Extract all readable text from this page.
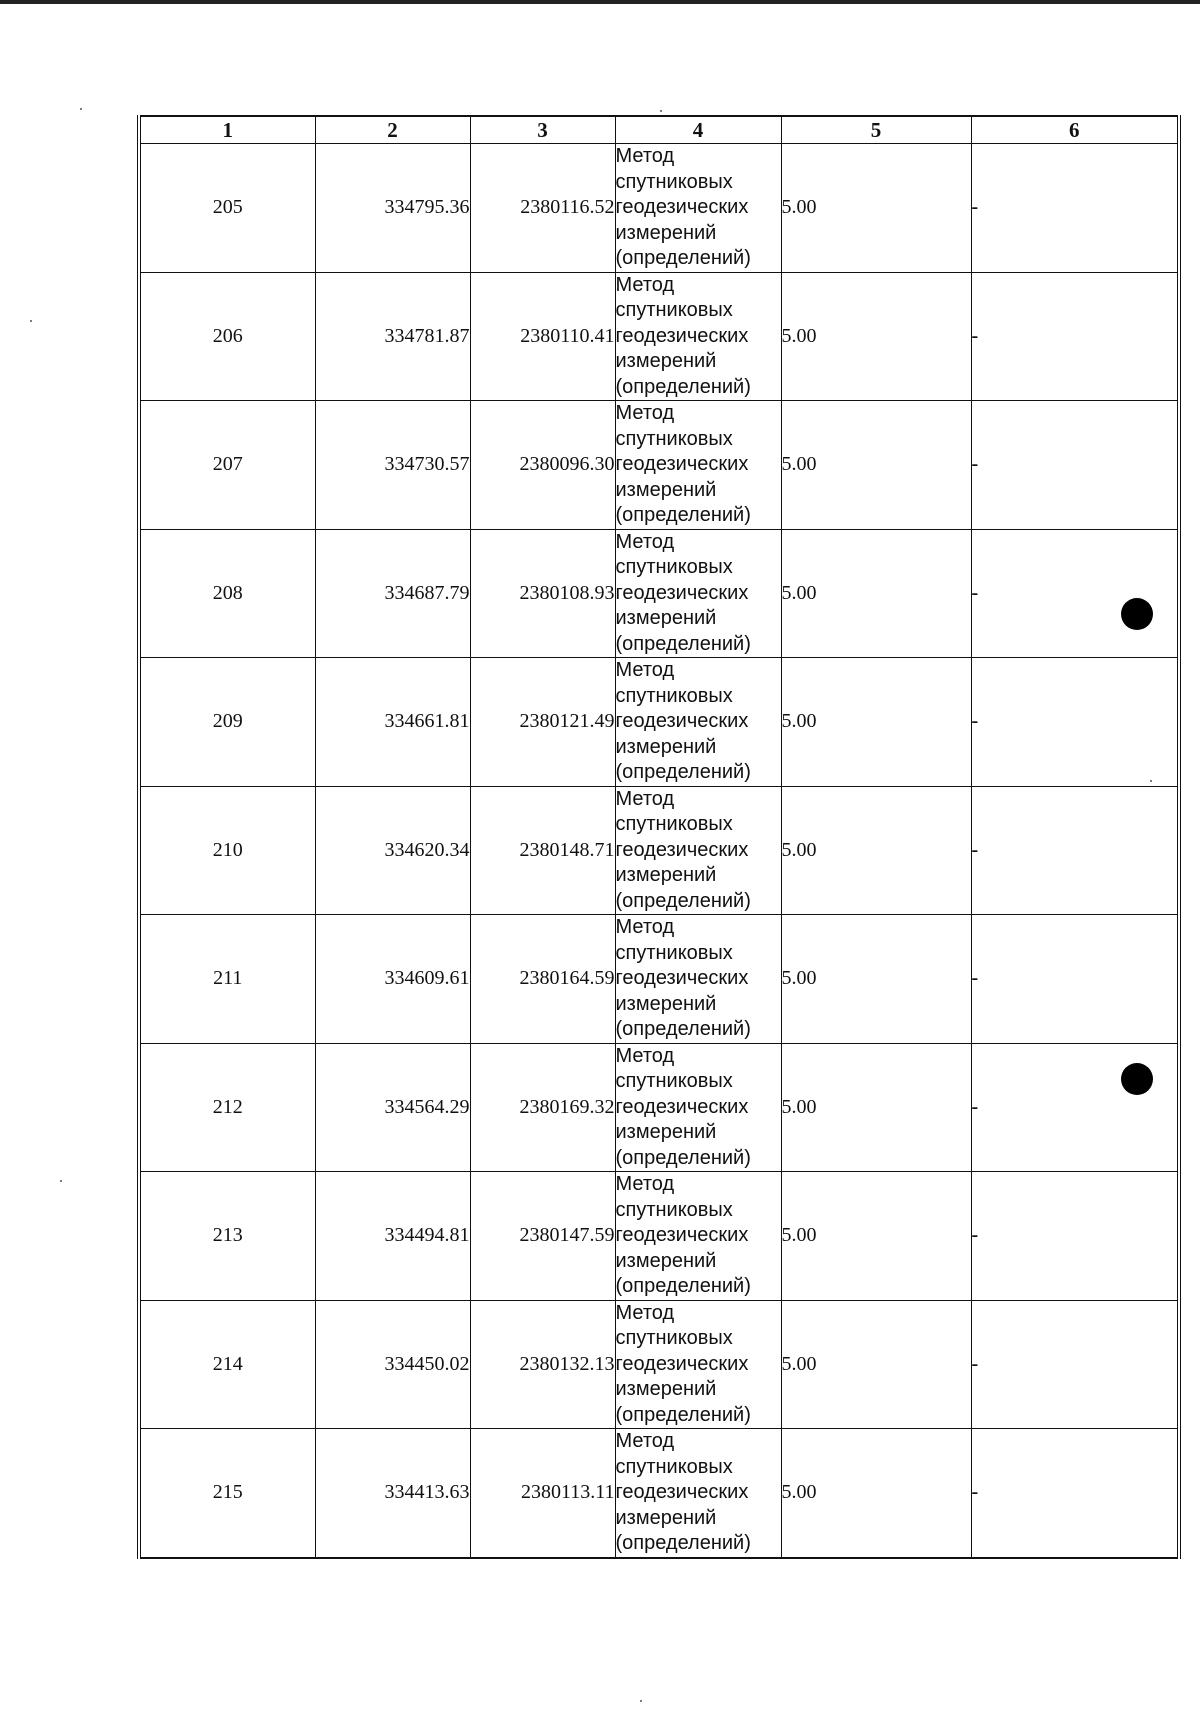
1	2	3	4	5	6
205	334795.36	2380116.52	Метод
спутниковых
геодезических
измерений
(определений)	5.00	-
206	334781.87	2380110.41	Метод
спутниковых
геодезических
измерений
(определений)	5.00	-
207	334730.57	2380096.30	Метод
спутниковых
геодезических
измерений
(определений)	5.00	-
208	334687.79	2380108.93	Метод
спутниковых
геодезических
измерений
(определений)	5.00	-
209	334661.81	2380121.49	Метод
спутниковых
геодезических
измерений
(определений)	5.00	-
210	334620.34	2380148.71	Метод
спутниковых
геодезических
измерений
(определений)	5.00	-
211	334609.61	2380164.59	Метод
спутниковых
геодезических
измерений
(определений)	5.00	-
212	334564.29	2380169.32	Метод
спутниковых
геодезических
измерений
(определений)	5.00	-
213	334494.81	2380147.59	Метод
спутниковых
геодезических
измерений
(определений)	5.00	-
214	334450.02	2380132.13	Метод
спутниковых
геодезических
измерений
(определений)	5.00	-
215	334413.63	2380113.11	Метод
спутниковых
геодезических
измерений
(определений)	5.00	-
